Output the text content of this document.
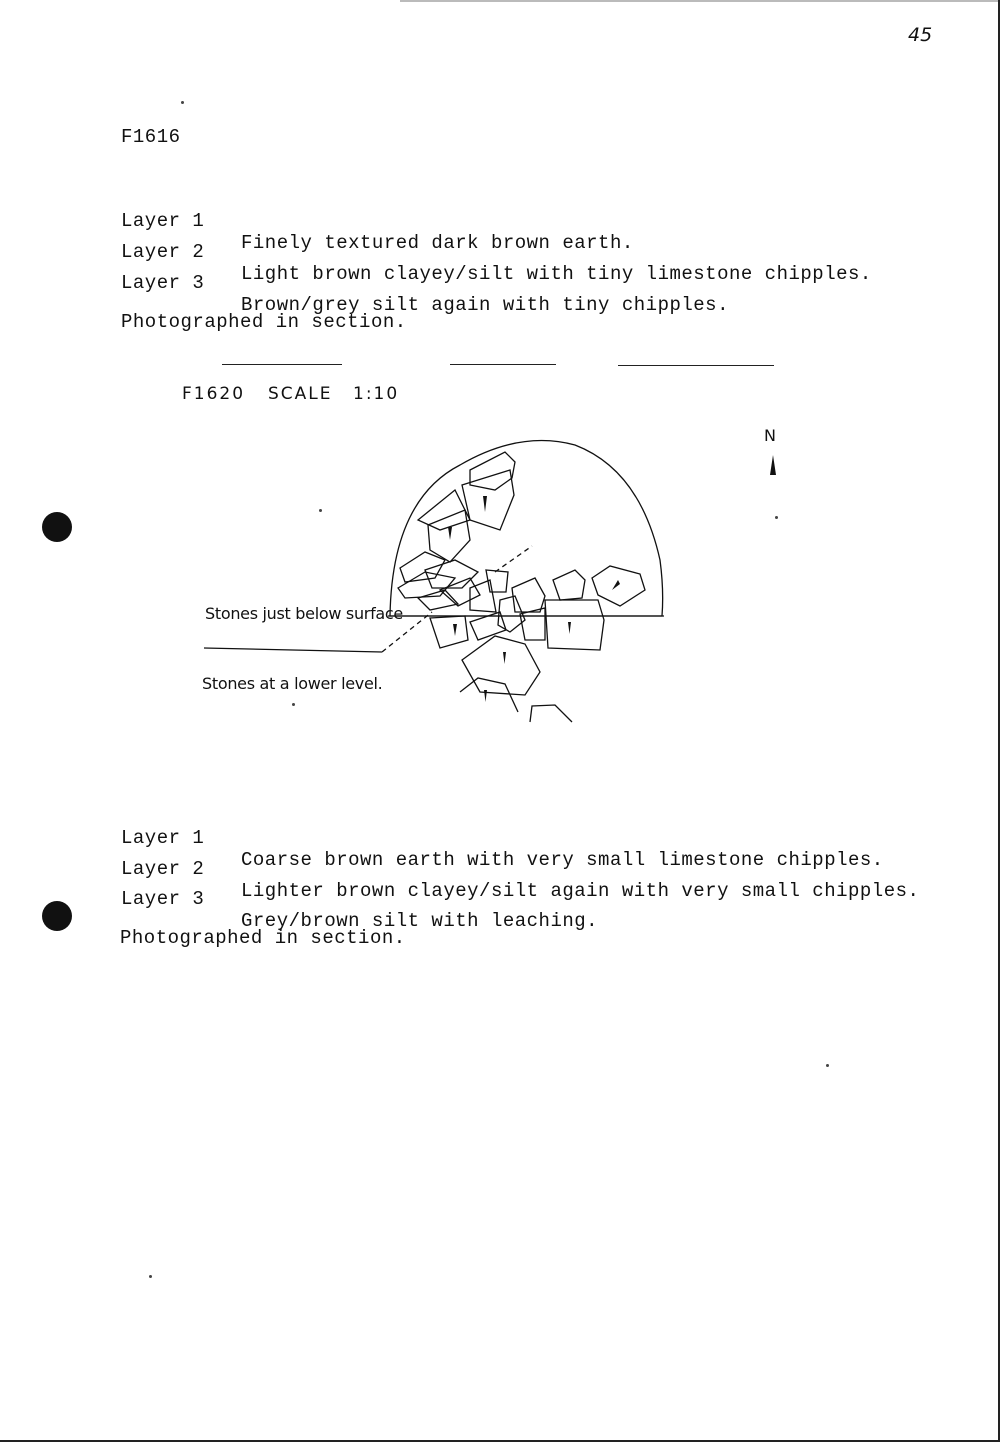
45
F1616

Layer 1

Finely textured dark brown earth.

Layer 2

Light brown clayey/silt with tiny limestone chipples.

Layer 3

Brown/grey silt again with tiny chipples.

Photographed in section.
F1620 SCALE 1:10
N
Stones just below surface
Stones at a lower level.

Layer 1

Coarse brown earth with very small limestone chipples.

Layer 2

Lighter brown clayey/silt again with very small chipples.

Layer 3

Grey/brown silt with leaching.

Photographed in section.
